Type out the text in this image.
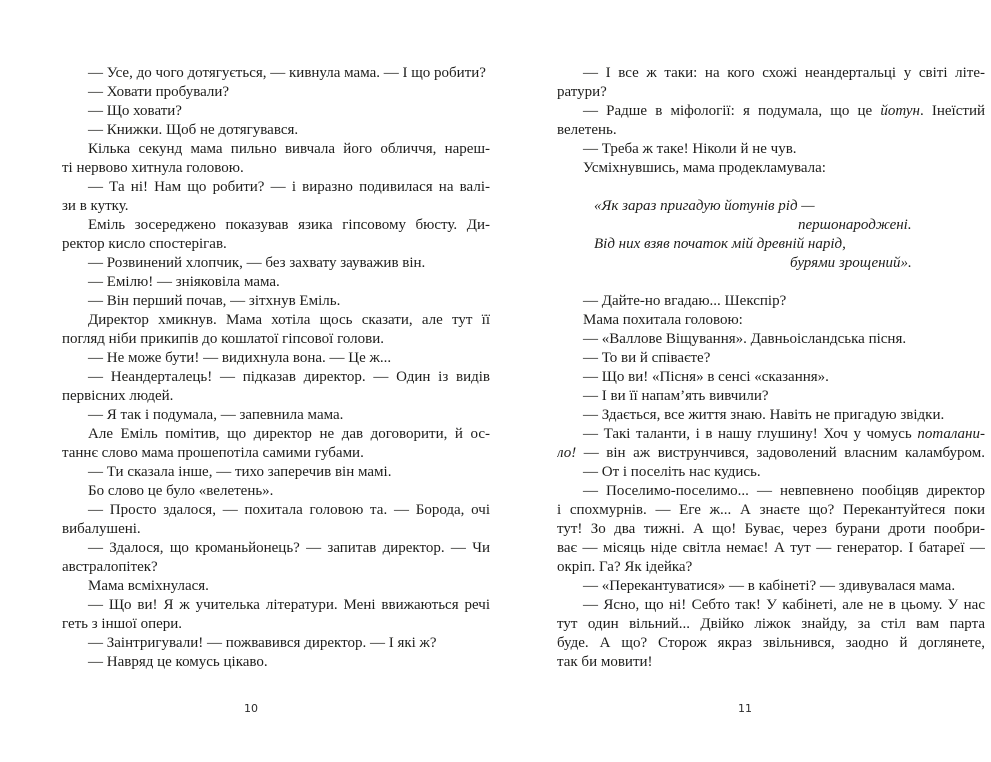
— Усе, до чого дотягується, — кивнула мама. — І що робити?
— Ховати пробували?
— Що ховати?
— Книжки. Щоб не дотягувався.
Кілька секунд мама пильно вивчала його обличчя, нареш-
ті нервово хитнула головою.
— Та ні! Нам що робити? — і виразно подивилася на валі-
зи в кутку.
Еміль зосереджено показував язика гіпсовому бюсту. Ди-
ректор кисло спостерігав.
— Розвинений хлопчик, — без захвату зауважив він.
— Емілю! — зніяковіла мама.
— Він перший почав, — зітхнув Еміль.
Директор хмикнув. Мама хотіла щось сказати, але тут її
погляд ніби прикипів до кошлатої гіпсової голови.
— Не може бути! — видихнула вона. — Це ж...
— Неандерталець! — підказав директор. — Один із видів
первісних людей.
— Я так і подумала, — запевнила мама.
Але Еміль помітив, що директор не дав договорити, й ос-
таннє слово мама прошепотіла самими губами.
— Ти сказала інше, — тихо заперечив він мамі.
Бо слово це було «велетень».
— Просто здалося, — похитала головою та. — Борода, очі
вибалушені.
— Здалося, що кроманьйонець? — запитав директор. — Чи
австралопітек?
Мама всміхнулася.
— Що ви! Я ж учителька літератури. Мені ввижаються речі
геть з іншої опери.
— Заінтригували! — пожвавився директор. — І які ж?
— Навряд це комусь цікаво.
10
— І все ж таки: на кого схожі неандертальці у світі літе-
ратури?
— Радше в міфології: я подумала, що це йотун. Інеїстий
велетень.
— Треба ж таке! Ніколи й не чув.
Усміхнувшись, мама продекламувала:
«Як зараз пригадую йотунів рід —
першонароджені.
Від них взяв початок мій древній нарід,
бурями зрощений».
— Дайте-но вгадаю... Шекспір?
Мама похитала головою:
— «Валлове Віщування». Давньоісландська пісня.
— То ви й співаєте?
— Що ви! «Пісня» в сенсі «сказання».
— І ви її напам’ять вивчили?
— Здається, все життя знаю. Навіть не пригадую звідки.
— Такі таланти, і в нашу глушину! Хоч у чомусь поталани-
ло! — він аж виструнчився, задоволений власним каламбуром.
— От і поселіть нас кудись.
— Поселимо-поселимо... — невпевнено пообіцяв директор
і спохмурнів. — Еге ж... А знаєте що? Перекантуйтеся поки
тут! Зо два тижні. А що! Буває, через бурани дроти пообри-
ває — місяць ніде світла немає! А тут — генератор. І батареї —
окріп. Га? Як ідейка?
— «Перекантуватися» — в кабінеті? — здивувалася мама.
— Ясно, що ні! Себто так! У кабінеті, але не в цьому. У нас
тут один вільний... Двійко ліжок знайду, за стіл вам парта
буде. А що? Сторож якраз звільнився, заодно й доглянете,
так би мовити!
11
